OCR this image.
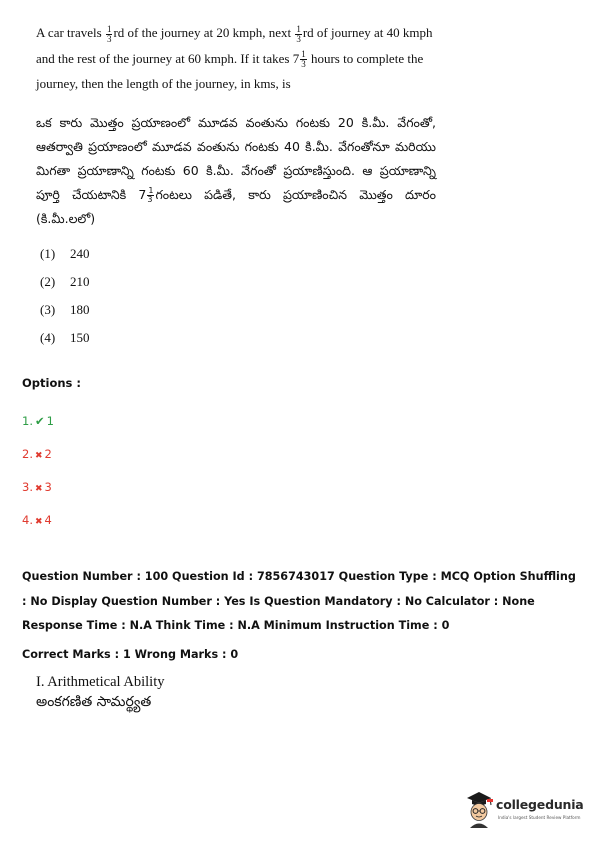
A car travels $\frac{1}{3}$ rd of the journey at 20 kmph, next $\frac{1}{3}$ rd of journey at 40 kmph and the rest of the journey at 60 kmph. If it takes $7 \frac{1}{3}$ hours to complete the journey, then the length of the journey, in kms, is
ఒక కారు మొత్తం ప్రయాణంలో మూడవ వంతును గంటకు 20 కి.మీ. వేగంతో, ఆతర్వాతి ప్రయాణంలో మూడవ వంతును గంటకు 40 కి.మీ. వేగంతోనూ మరియు మిగతా ప్రయాణాన్ని గంటకు 60 కి.మీ. వేగంతో ప్రయాణిస్తుంది. ఆ ప్రయాణాన్ని పూర్తి చేయటానికి $7 \frac{1}{3}$ గంటలు పడితే, కారు ప్రయాణించిన మొత్తం దూరం (కి.మీ.లలో)
(1) 240
(2) 210
(3) 180
(4) 150
Options :
1. ✔ 1
2. ✖ 2
3. ✖ 3
4. ✖ 4

Question Number : 100 Question Id : 7856743017 Question Type : MCQ Option Shuffling : No Display Question Number : Yes Is Question Mandatory : No Calculator : None Response Time : N.A Think Time : N.A Minimum Instruction Time : 0

Correct Marks : 1 Wrong Marks : 0

I. Arithmetical Ability
అంకగణిత సామర్థ్యత
collegedunia
India's largest Student Review Platform
